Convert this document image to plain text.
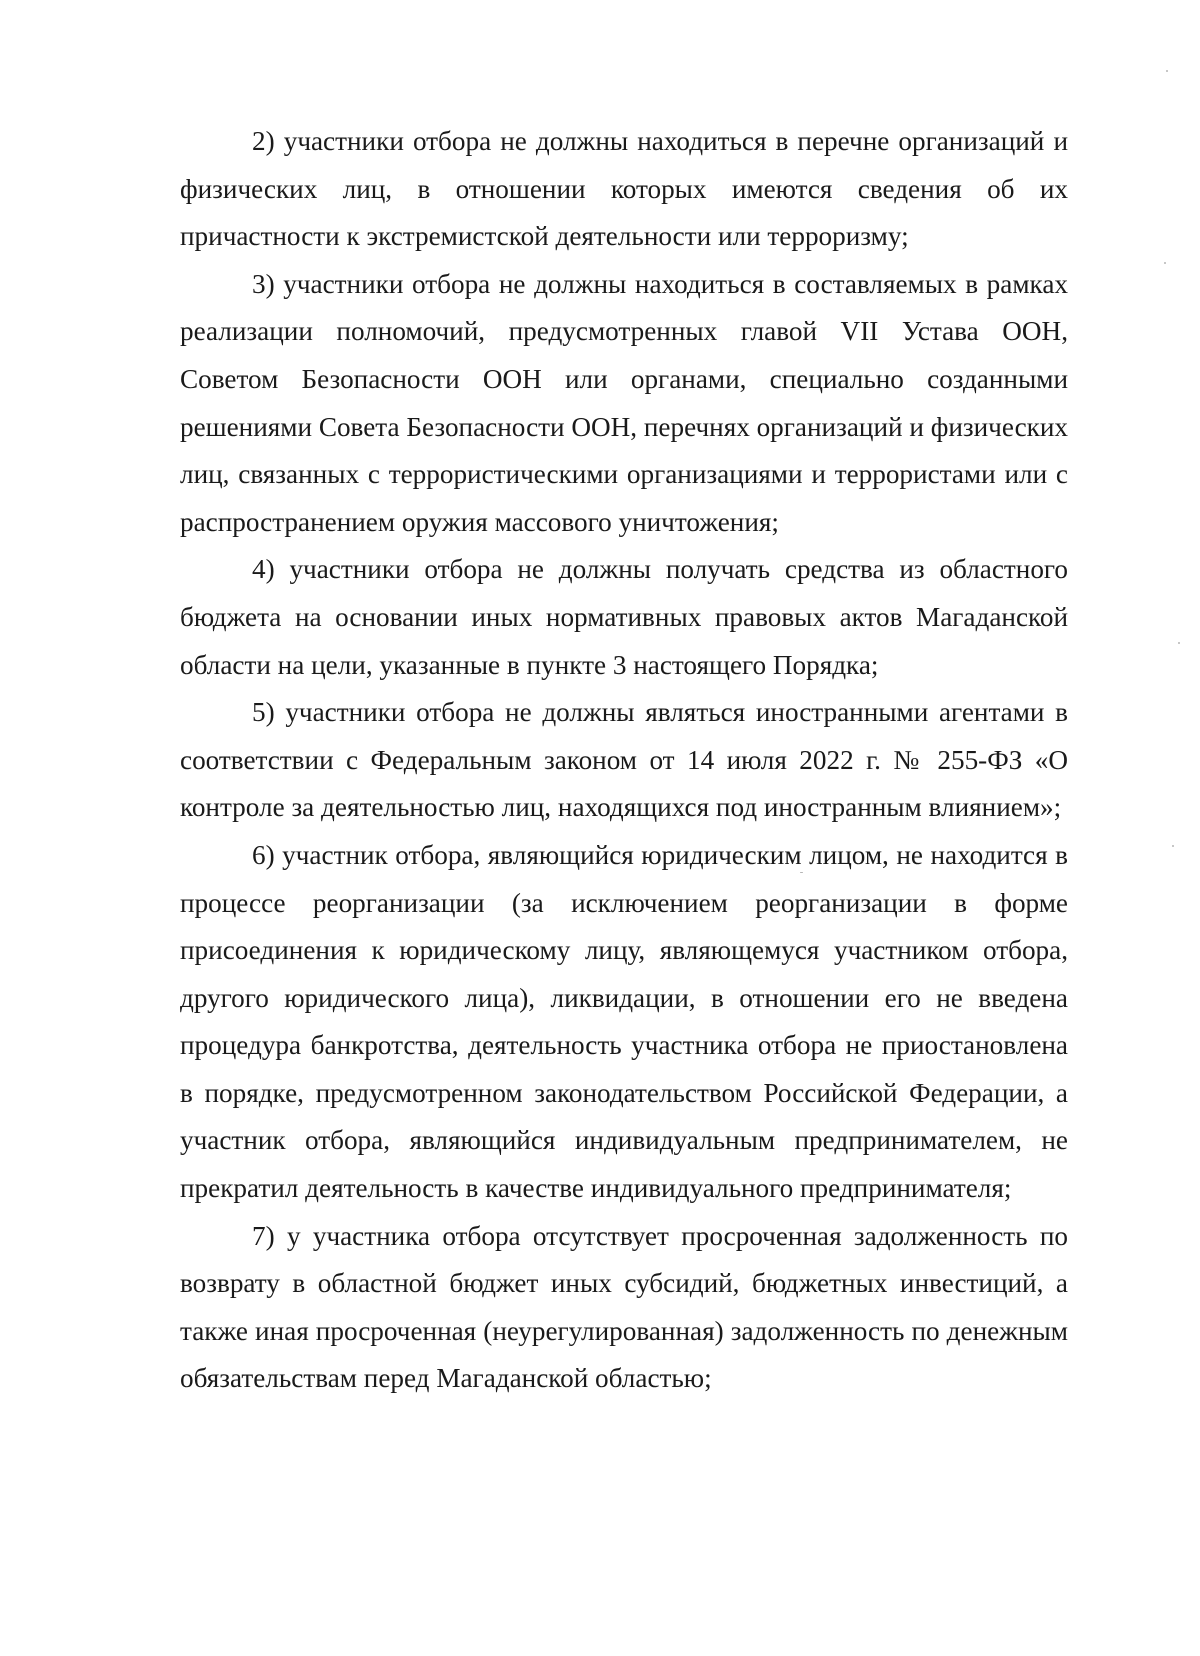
2) участники отбора не должны находиться в перечне организаций и физических лиц, в отношении которых имеются сведения об их причастности к экстремистской деятельности или терроризму;

3) участники отбора не должны находиться в составляемых в рамках реализации полномочий, предусмотренных главой VII Устава ООН, Советом Безопасности ООН или органами, специально созданными решениями Совета Безопасности ООН, перечнях организаций и физических лиц, связанных с террористическими организациями и террористами или с распространением оружия массового уничтожения;

4) участники отбора не должны получать средства из областного бюджета на основании иных нормативных правовых актов Магаданской области на цели, указанные в пункте 3 настоящего Порядка;

5) участники отбора не должны являться иностранными агентами в соответствии с Федеральным законом от 14 июля 2022 г. № 255-ФЗ «О контроле за деятельностью лиц, находящихся под иностранным влиянием»;

6) участник отбора, являющийся юридическим лицом, не находится в процессе реорганизации (за исключением реорганизации в форме присоединения к юридическому лицу, являющемуся участником отбора, другого юридического лица), ликвидации, в отношении его не введена процедура банкротства, деятельность участника отбора не приостановлена в порядке, предусмотренном законодательством Российской Федерации, а участник отбора, являющийся индивидуальным предпринимателем, не прекратил деятельность в качестве индивидуального предпринимателя;

7) у участника отбора отсутствует просроченная задолженность по возврату в областной бюджет иных субсидий, бюджетных инвестиций, а также иная просроченная (неурегулированная) задолженность по денежным обязательствам перед Магаданской областью;
